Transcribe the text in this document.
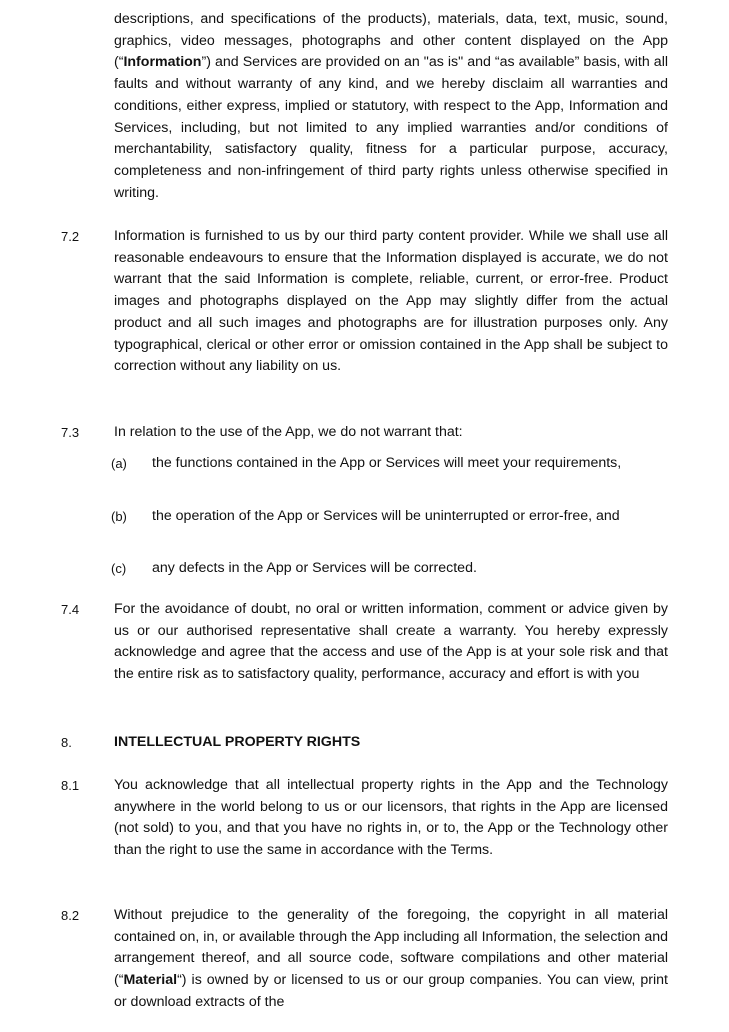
descriptions, and specifications of the products), materials, data, text, music, sound, graphics, video messages, photographs and other content displayed on the App (“Information”) and Services are provided on an "as is" and “as available” basis, with all faults and without warranty of any kind, and we hereby disclaim all warranties and conditions, either express, implied or statutory, with respect to the App, Information and Services, including, but not limited to any implied warranties and/or conditions of merchantability, satisfactory quality, fitness for a particular purpose, accuracy, completeness and non-infringement of third party rights unless otherwise specified in writing.

7.2 Information is furnished to us by our third party content provider. While we shall use all reasonable endeavours to ensure that the Information displayed is accurate, we do not warrant that the said Information is complete, reliable, current, or error-free. Product images and photographs displayed on the App may slightly differ from the actual product and all such images and photographs are for illustration purposes only. Any typographical, clerical or other error or omission contained in the App shall be subject to correction without any liability on us.

7.3 In relation to the use of the App, we do not warrant that:

(a) the functions contained in the App or Services will meet your requirements,

(b) the operation of the App or Services will be uninterrupted or error-free, and

(c) any defects in the App or Services will be corrected.

7.4 For the avoidance of doubt, no oral or written information, comment or advice given by us or our authorised representative shall create a warranty. You hereby expressly acknowledge and agree that the access and use of the App is at your sole risk and that the entire risk as to satisfactory quality, performance, accuracy and effort is with you

8.	INTELLECTUAL PROPERTY RIGHTS

8.1 You acknowledge that all intellectual property rights in the App and the Technology anywhere in the world belong to us or our licensors, that rights in the App are licensed (not sold) to you, and that you have no rights in, or to, the App or the Technology other than the right to use the same in accordance with the Terms.

8.2 Without prejudice to the generality of the foregoing, the copyright in all material contained on, in, or available through the App including all Information, the selection and arrangement thereof, and all source code, software compilations and other material (“Material“) is owned by or licensed to us or our group companies. You can view, print or download extracts of the
